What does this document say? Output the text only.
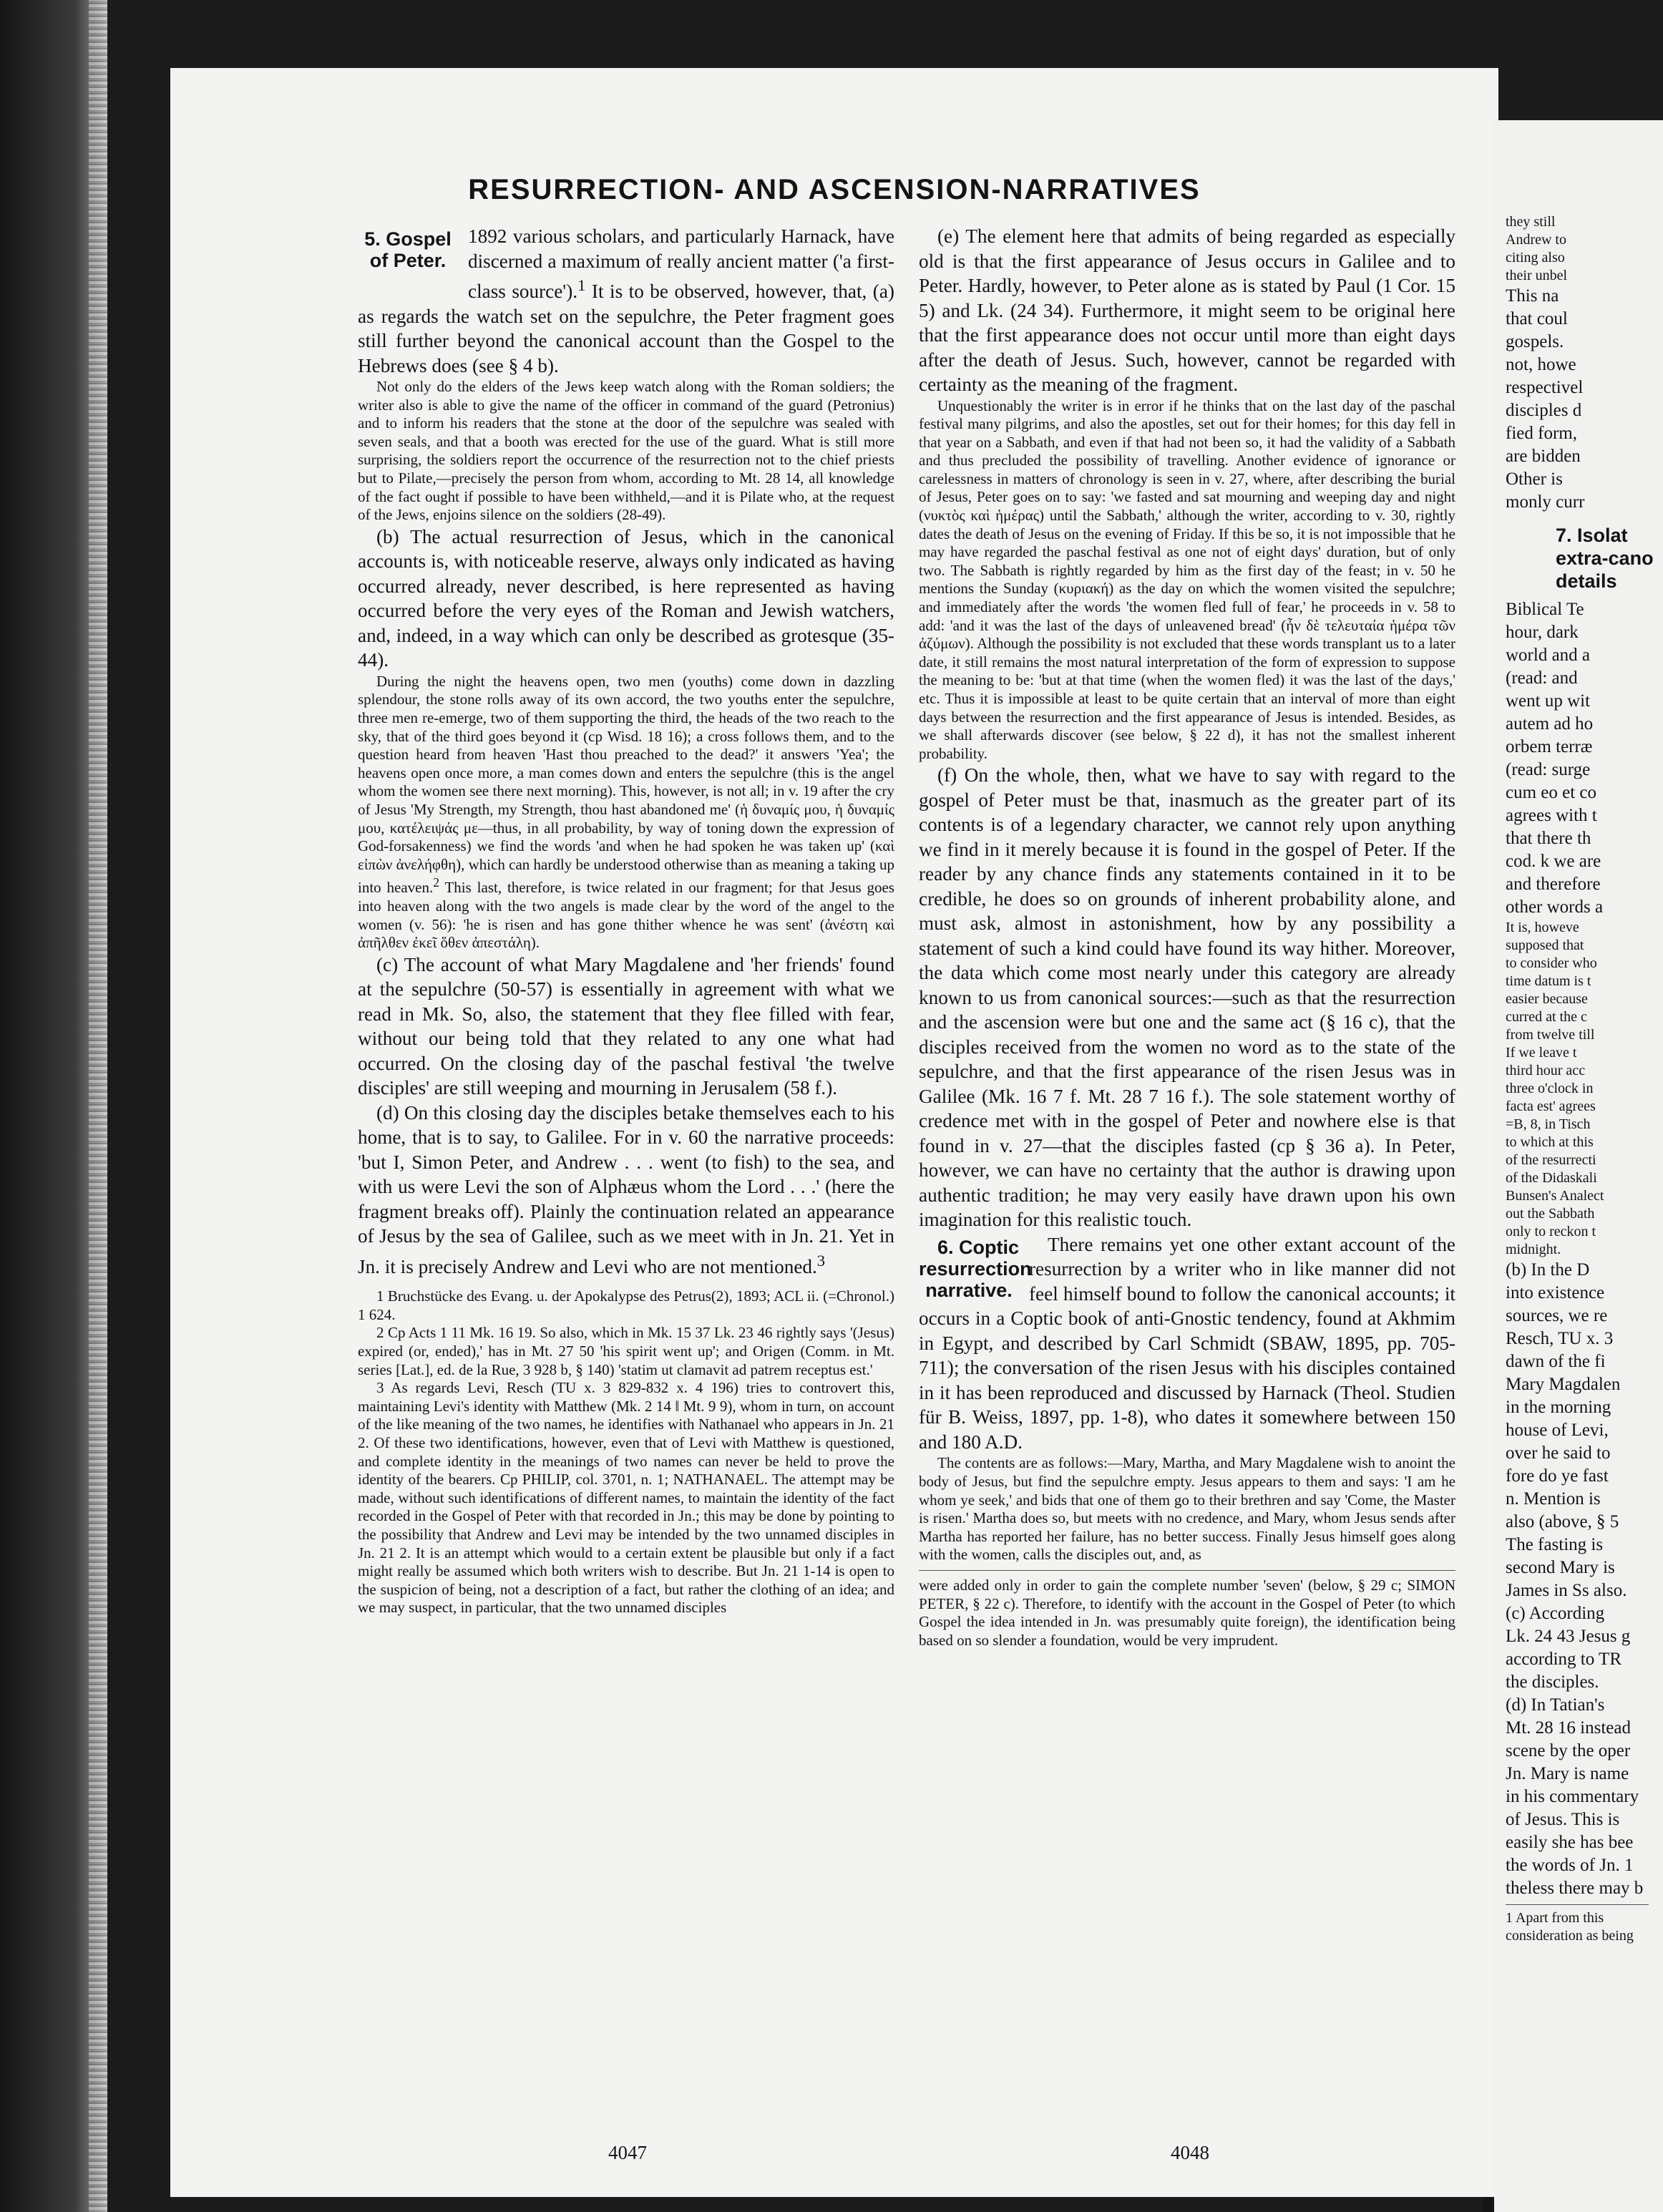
RESURRECTION- AND ASCENSION-NARRATIVES

5. Gospel of Peter.
1892 various scholars, and particularly Harnack, have discerned a maximum of really ancient matter ('a first-class source').$^1$ It is to be observed, however, that, (a) as regards the watch set on the sepulchre, the Peter fragment goes still further beyond the canonical account than the Gospel to the Hebrews does (see § 4 b).

Not only do the elders of the Jews keep watch along with the Roman soldiers; the writer also is able to give the name of the officer in command of the guard (Petronius) and to inform his readers that the stone at the door of the sepulchre was sealed with seven seals, and that a booth was erected for the use of the guard. What is still more surprising, the soldiers report the occurrence of the resurrection not to the chief priests but to Pilate,—precisely the person from whom, according to Mt. 28 14, all knowledge of the fact ought if possible to have been withheld,—and it is Pilate who, at the request of the Jews, enjoins silence on the soldiers (28-49).

(b) The actual resurrection of Jesus, which in the canonical accounts is, with noticeable reserve, always only indicated as having occurred already, never described, is here represented as having occurred before the very eyes of the Roman and Jewish watchers, and, indeed, in a way which can only be described as grotesque (35-44).

During the night the heavens open, two men (youths) come down in dazzling splendour, the stone rolls away of its own accord, the two youths enter the sepulchre, three men re-emerge, two of them supporting the third, the heads of the two reach to the sky, that of the third goes beyond it (cp Wisd. 18 16); a cross follows them, and to the question heard from heaven 'Hast thou preached to the dead?' it answers 'Yea'; the heavens open once more, a man comes down and enters the sepulchre (this is the angel whom the women see there next morning). This, however, is not all; in v. 19 after the cry of Jesus 'My Strength, my Strength, thou hast abandoned me' (ἡ δυναμίς μου, ἡ δυναμίς μου, κατέλειψάς με—thus, in all probability, by way of toning down the expression of God-forsakenness) we find the words 'and when he had spoken he was taken up' (καὶ εἰπὼν ἀνελήφθη), which can hardly be understood otherwise than as meaning a taking up into heaven.$^2$ This last, therefore, is twice related in our fragment; for that Jesus goes into heaven along with the two angels is made clear by the word of the angel to the women (v. 56): 'he is risen and has gone thither whence he was sent' (ἀνέστη καὶ ἀπῆλθεν ἐκεῖ ὅθεν ἀπεστάλη).

(c) The account of what Mary Magdalene and 'her friends' found at the sepulchre (50-57) is essentially in agreement with what we read in Mk. So, also, the statement that they flee filled with fear, without our being told that they related to any one what had occurred. On the closing day of the paschal festival 'the twelve disciples' are still weeping and mourning in Jerusalem (58 f.).

(d) On this closing day the disciples betake themselves each to his home, that is to say, to Galilee. For in v. 60 the narrative proceeds: 'but I, Simon Peter, and Andrew . . . went (to fish) to the sea, and with us were Levi the son of Alphæus whom the Lord . . .' (here the fragment breaks off). Plainly the continuation related an appearance of Jesus by the sea of Galilee, such as we meet with in Jn. 21. Yet in Jn. it is precisely Andrew and Levi who are not mentioned.$^3$

1 Bruchstücke des Evang. u. der Apokalypse des Petrus(2), 1893; ACL ii. (=Chronol.) 1 624.

2 Cp Acts 1 11 Mk. 16 19. So also, which in Mk. 15 37 Lk. 23 46 rightly says '(Jesus) expired (or, ended),' has in Mt. 27 50 'his spirit went up'; and Origen (Comm. in Mt. series [Lat.], ed. de la Rue, 3 928 b, § 140) 'statim ut clamavit ad patrem receptus est.'

3 As regards Levi, Resch (TU x. 3 829-832 x. 4 196) tries to controvert this, maintaining Levi's identity with Matthew (Mk. 2 14 ‖ Mt. 9 9), whom in turn, on account of the like meaning of the two names, he identifies with Nathanael who appears in Jn. 21 2. Of these two identifications, however, even that of Levi with Matthew is questioned, and complete identity in the meanings of two names can never be held to prove the identity of the bearers. Cp PHILIP, col. 3701, n. 1; NATHANAEL. The attempt may be made, without such identifications of different names, to maintain the identity of the fact recorded in the Gospel of Peter with that recorded in Jn.; this may be done by pointing to the possibility that Andrew and Levi may be intended by the two unnamed disciples in Jn. 21 2. It is an attempt which would to a certain extent be plausible but only if a fact might really be assumed which both writers wish to describe. But Jn. 21 1-14 is open to the suspicion of being, not a description of a fact, but rather the clothing of an idea; and we may suspect, in particular, that the two unnamed disciples

(e) The element here that admits of being regarded as especially old is that the first appearance of Jesus occurs in Galilee and to Peter. Hardly, however, to Peter alone as is stated by Paul (1 Cor. 15 5) and Lk. (24 34). Furthermore, it might seem to be original here that the first appearance does not occur until more than eight days after the death of Jesus. Such, however, cannot be regarded with certainty as the meaning of the fragment.

Unquestionably the writer is in error if he thinks that on the last day of the paschal festival many pilgrims, and also the apostles, set out for their homes; for this day fell in that year on a Sabbath, and even if that had not been so, it had the validity of a Sabbath and thus precluded the possibility of travelling. Another evidence of ignorance or carelessness in matters of chronology is seen in v. 27, where, after describing the burial of Jesus, Peter goes on to say: 'we fasted and sat mourning and weeping day and night (νυκτὸς καὶ ἡμέρας) until the Sabbath,' although the writer, according to v. 30, rightly dates the death of Jesus on the evening of Friday. If this be so, it is not impossible that he may have regarded the paschal festival as one not of eight days' duration, but of only two. The Sabbath is rightly regarded by him as the first day of the feast; in v. 50 he mentions the Sunday (κυριακή) as the day on which the women visited the sepulchre; and immediately after the words 'the women fled full of fear,' he proceeds in v. 58 to add: 'and it was the last of the days of unleavened bread' (ἦν δὲ τελευταία ἡμέρα τῶν ἀζύμων). Although the possibility is not excluded that these words transplant us to a later date, it still remains the most natural interpretation of the form of expression to suppose the meaning to be: 'but at that time (when the women fled) it was the last of the days,' etc. Thus it is impossible at least to be quite certain that an interval of more than eight days between the resurrection and the first appearance of Jesus is intended. Besides, as we shall afterwards discover (see below, § 22 d), it has not the smallest inherent probability.

(f) On the whole, then, what we have to say with regard to the gospel of Peter must be that, inasmuch as the greater part of its contents is of a legendary character, we cannot rely upon anything we find in it merely because it is found in the gospel of Peter. If the reader by any chance finds any statements contained in it to be credible, he does so on grounds of inherent probability alone, and must ask, almost in astonishment, how by any possibility a statement of such a kind could have found its way hither. Moreover, the data which come most nearly under this category are already known to us from canonical sources:—such as that the resurrection and the ascension were but one and the same act (§ 16 c), that the disciples received from the women no word as to the state of the sepulchre, and that the first appearance of the risen Jesus was in Galilee (Mk. 16 7 f. Mt. 28 7 16 f.). The sole statement worthy of credence met with in the gospel of Peter and nowhere else is that found in v. 27—that the disciples fasted (cp § 36 a). In Peter, however, we can have no certainty that the author is drawing upon authentic tradition; he may very easily have drawn upon his own imagination for this realistic touch.

6. Coptic resurrection narrative.
There remains yet one other extant account of the resurrection by a writer who in like manner did not feel himself bound to follow the canonical accounts; it occurs in a Coptic book of anti-Gnostic tendency, found at Akhmim in Egypt, and described by Carl Schmidt (SBAW, 1895, pp. 705-711); the conversation of the risen Jesus with his disciples contained in it has been reproduced and discussed by Harnack (Theol. Studien für B. Weiss, 1897, pp. 1-8), who dates it somewhere between 150 and 180 A.D.

The contents are as follows:—Mary, Martha, and Mary Magdalene wish to anoint the body of Jesus, but find the sepulchre empty. Jesus appears to them and says: 'I am he whom ye seek,' and bids that one of them go to their brethren and say 'Come, the Master is risen.' Martha does so, but meets with no credence, and Mary, whom Jesus sends after Martha has reported her failure, has no better success. Finally Jesus himself goes along with the women, calls the disciples out, and, as

were added only in order to gain the complete number 'seven' (below, § 29 c; SIMON PETER, § 22 c). Therefore, to identify with the account in the Gospel of Peter (to which Gospel the idea intended in Jn. was presumably quite foreign), the identification being based on so slender a foundation, would be very imprudent.

4047	4048

they still

Andrew to

citing also

their unbel

This na

that coul

gospels.

not, howe

respectivel

disciples d

fied form,

are bidden

Other is

monly curr

7. Isolat
extra-cano
details

Biblical Te

hour, dark

world and a

(read: and

went up wit

autem ad ho

orbem terræ

(read: surge

cum eo et co

agrees with t

that there th

cod. k we are

and therefore

other words a

It is, howeve

supposed that

to consider who

time datum is t

easier because

curred at the c

from twelve till

If we leave t

third hour acc

three o'clock in

facta est' agrees

=B, 8, in Tisch

to which at this

of the resurrecti

of the Didaskali

Bunsen's Analect

out the Sabbath

only to reckon t

midnight.

(b) In the D

into existence

sources, we re

Resch, TU x. 3

dawn of the fi

Mary Magdalen

in the morning

house of Levi,

over he said to

fore do ye fast

n. Mention is

also (above, § 5

The fasting is

second Mary is

James in Ss also.

(c) According

Lk. 24 43 Jesus g

according to TR

the disciples.

(d) In Tatian's

Mt. 28 16 instead

scene by the oper

Jn. Mary is name

in his commentary

of Jesus. This is

easily she has bee

the words of Jn. 1

theless there may b

1 Apart from this

consideration as being
